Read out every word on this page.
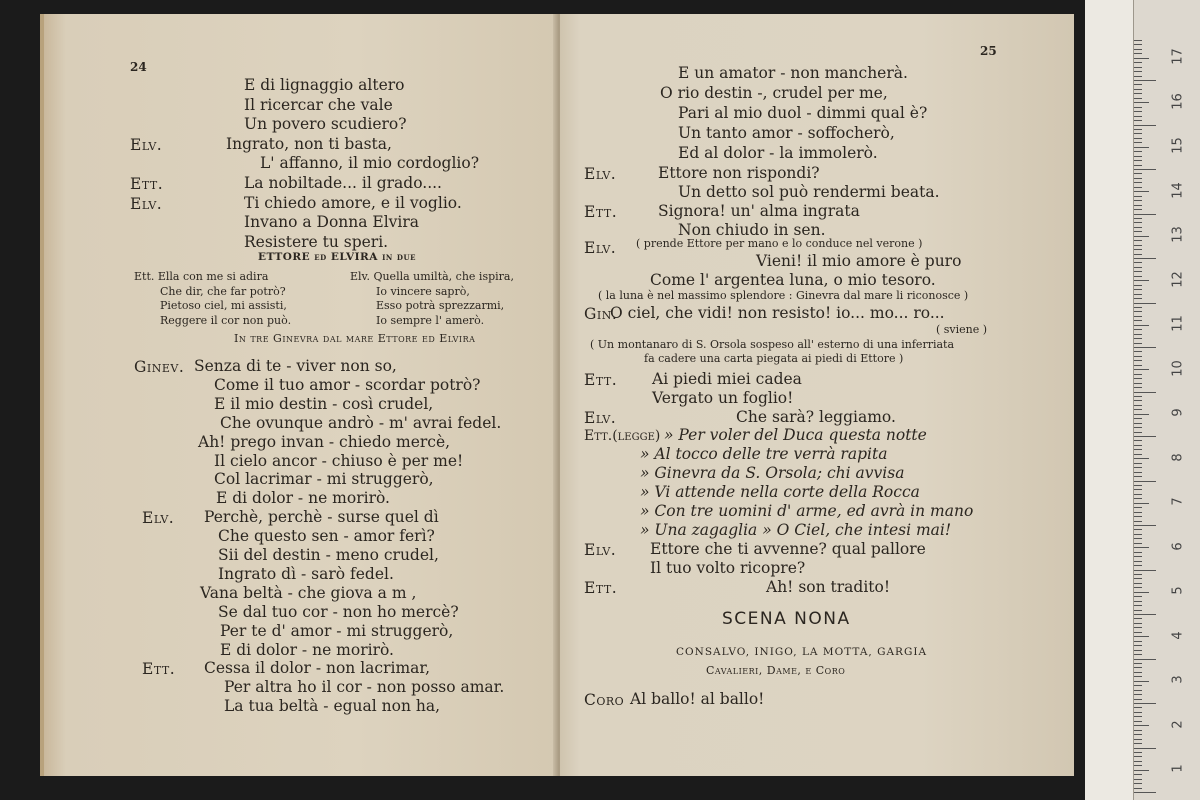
1
2
3
4
5
6
7
8
9
10
11
12
13
14
15
16
17
24
E di lignaggio altero
Il ricercar che vale
Un povero scudiero?
Elv.	Ingrato, non ti basta,
L' affanno, il mio cordoglio?
Ett.	La nobiltade... il grado....
Elv.	Ti chiedo amore, e il voglio.
Invano a Donna Elvira
Resistere tu speri.
ETTORE ed ELVIRA in due
Ett. Ella con me si adira
Che dir, che far potrò?
Pietoso ciel, mi assisti,
Reggere il cor non può.
Elv. Quella umiltà, che ispira,
Io vincere saprò,
Esso potrà sprezzarmi,
Io sempre l' amerò.
In tre Ginevra dal mare Ettore ed Elvira
Ginev. Senza di te - viver non so,
Come il tuo amor - scordar potrò?
E il mio destin - così crudel,
Che ovunque andrò - m' avrai fedel.
Ah! prego invan - chiedo mercè,
Il cielo ancor - chiuso è per me!
Col lacrimar - mi struggerò,
E di dolor - ne morirò.
Elv. Perchè, perchè - surse quel dì
Che questo sen - amor ferì?
Sii del destin - meno crudel,
Ingrato dì - sarò fedel.
Vana beltà - che giova a m ,
Se dal tuo cor - non ho mercè?
Per te d' amor - mi struggerò,
E di dolor - ne morirò.
Ett. Cessa il dolor - non lacrimar,
Per altra ho il cor - non posso amar.
La tua beltà - egual non ha,
25
E un amator - non mancherà.
O rio destin -, crudel per me,
Pari al mio duol - dimmi qual è?
Un tanto amor - soffocherò,
Ed al dolor - la immolerò.
Elv.	Ettore non rispondi?
Un detto sol può rendermi beata.
Ett.	Signora! un' alma ingrata
Non chiudo in sen.
Elv. ( prende Ettore per mano e lo conduce nel verone )
Vieni! il mio amore è puro
Come l' argentea luna, o mio tesoro.
( la luna è nel massimo splendore : Ginevra dal mare li riconosce )
Gin.
O ciel, che vidi! non resisto! io... mo... ro...
( sviene )
( Un montanaro di S. Orsola sospeso all' esterno di una inferriata
fa cadere una carta piegata ai piedi di Ettore )
Ett. Ai piedi miei cadea
Vergato un foglio!
Elv.	Che sarà? leggiamo.
Ett.(legge) » Per voler del Duca questa notte
» Al tocco delle tre verrà rapita
» Ginevra da S. Orsola; chi avvisa
» Vi attende nella corte della Rocca
» Con tre uomini d' arme, ed avrà in mano
» Una zagaglia » O Ciel, che intesi mai!
Elv. Ettore che ti avvenne? qual pallore
Il tuo volto ricopre?
Ett.	Ah! son tradito!
SCENA NONA
CONSALVO, INIGO, LA MOTTA, GARGIA
Cavalieri, Dame, e Coro
Coro Al ballo! al ballo!
